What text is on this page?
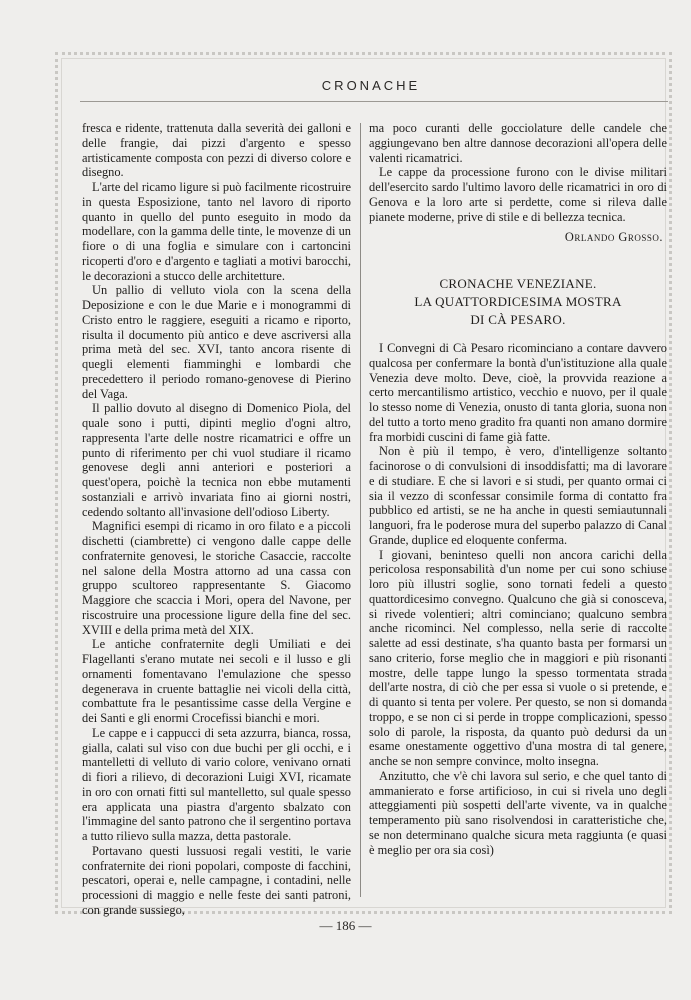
CRONACHE

fresca e ridente, trattenuta dalla severità dei galloni e delle frangie, dai pizzi d'argento e spesso artisticamente composta con pezzi di diverso colore e disegno.

L'arte del ricamo ligure si può facilmente ricostruire in questa Esposizione, tanto nel lavoro di riporto quanto in quello del punto eseguito in modo da modellare, con la gamma delle tinte, le movenze di un fiore o di una foglia e simulare con i cartoncini ricoperti d'oro e d'argento e tagliati a motivi barocchi, le decorazioni a stucco delle architetture.

Un pallio di velluto viola con la scena della Deposizione e con le due Marie e i monogrammi di Cristo entro le raggiere, eseguiti a ricamo e riporto, risulta il documento più antico e deve ascriversi alla prima metà del sec. XVI, tanto ancora risente di quegli elementi fiamminghi e lombardi che precedettero il periodo romano-genovese di Pierino del Vaga.

Il pallio dovuto al disegno di Domenico Piola, del quale sono i putti, dipinti meglio d'ogni altro, rappresenta l'arte delle nostre ricamatrici e offre un punto di riferimento per chi vuol studiare il ricamo genovese degli anni anteriori e posteriori a quest'opera, poichè la tecnica non ebbe mutamenti sostanziali e arrivò invariata fino ai giorni nostri, cedendo soltanto all'invasione dell'odioso Liberty.

Magnifici esempi di ricamo in oro filato e a piccoli dischetti (ciambrette) ci vengono dalle cappe delle confraternite genovesi, le storiche Casaccie, raccolte nel salone della Mostra attorno ad una cassa con gruppo scultoreo rappresentante S. Giacomo Maggiore che scaccia i Mori, opera del Navone, per riscostruire una processione ligure della fine del sec. XVIII e della prima metà del XIX.

Le antiche confraternite degli Umiliati e dei Flagellanti s'erano mutate nei secoli e il lusso e gli ornamenti fomentavano l'emulazione che spesso degenerava in cruente battaglie nei vicoli della città, combattute fra le pesantissime casse della Vergine e dei Santi e gli enormi Crocefissi bianchi e mori.

Le cappe e i cappucci di seta azzurra, bianca, rossa, gialla, calati sul viso con due buchi per gli occhi, e i mantelletti di velluto di vario colore, venivano ornati di fiori a rilievo, di decorazioni Luigi XVI, ricamate in oro con ornati fitti sul mantelletto, sul quale spesso era applicata una piastra d'argento sbalzato con l'immagine del santo patrono che il sergentino portava a tutto rilievo sulla mazza, detta pastorale.

Portavano questi lussuosi regali vestiti, le varie confraternite dei rioni popolari, composte di facchini, pescatori, operai e, nelle campagne, i contadini, nelle processioni di maggio e nelle feste dei santi patroni, con grande sussiego,

ma poco curanti delle gocciolature delle candele che aggiungevano ben altre dannose decorazioni all'opera delle valenti ricamatrici.

Le cappe da processione furono con le divise militari dell'esercito sardo l'ultimo lavoro delle ricamatrici in oro di Genova e la loro arte si perdette, come si rileva dalle pianete moderne, prive di stile e di bellezza tecnica.

Orlando Grosso.
CRONACHE VENEZIANE.
LA QUATTORDICESIMA MOSTRA
DI CÀ PESARO.

I Convegni di Cà Pesaro ricominciano a contare davvero qualcosa per confermare la bontà d'un'istituzione alla quale Venezia deve molto. Deve, cioè, la provvida reazione a certo mercantilismo artistico, vecchio e nuovo, per il quale lo stesso nome di Venezia, onusto di tanta gloria, suona non del tutto a torto meno gradito fra quanti non amano dormire fra morbidi cuscini di fame già fatte.

Non è più il tempo, è vero, d'intelligenze soltanto facinorose o di convulsioni di insoddisfatti; ma di lavorare e di studiare. E che si lavori e si studi, per quanto ormai ci sia il vezzo di sconfessar consimile forma di contatto fra pubblico ed artisti, se ne ha anche in questi semiautunnali languori, fra le poderose mura del superbo palazzo di Canal Grande, duplice ed eloquente conferma.

I giovani, beninteso quelli non ancora carichi della pericolosa responsabilità d'un nome per cui sono schiuse loro più illustri soglie, sono tornati fedeli a questo quattordicesimo convegno. Qualcuno che già si conosceva, si rivede volentieri; altri cominciano; qualcuno sembra anche ricominci. Nel complesso, nella serie di raccolte salette ad essi destinate, s'ha quanto basta per formarsi un sano criterio, forse meglio che in maggiori e più risonanti mostre, delle tappe lungo la spesso tormentata strada dell'arte nostra, di ciò che per essa si vuole o si pretende, e di quanto si tenta per volere. Per questo, se non si domanda troppo, e se non ci si perde in troppe complicazioni, spesso solo di parole, la risposta, da quanto può dedursi da un esame onestamente oggettivo d'una mostra di tal genere, anche se non sempre convince, molto insegna.

Anzitutto, che v'è chi lavora sul serio, e che quel tanto di ammanierato e forse artificioso, in cui si rivela uno degli atteggiamenti più sospetti dell'arte vivente, va in qualche temperamento più sano risolvendosi in caratteristiche che, se non determinano qualche sicura meta raggiunta (e quasi è meglio per ora sia così)

— 186 —
